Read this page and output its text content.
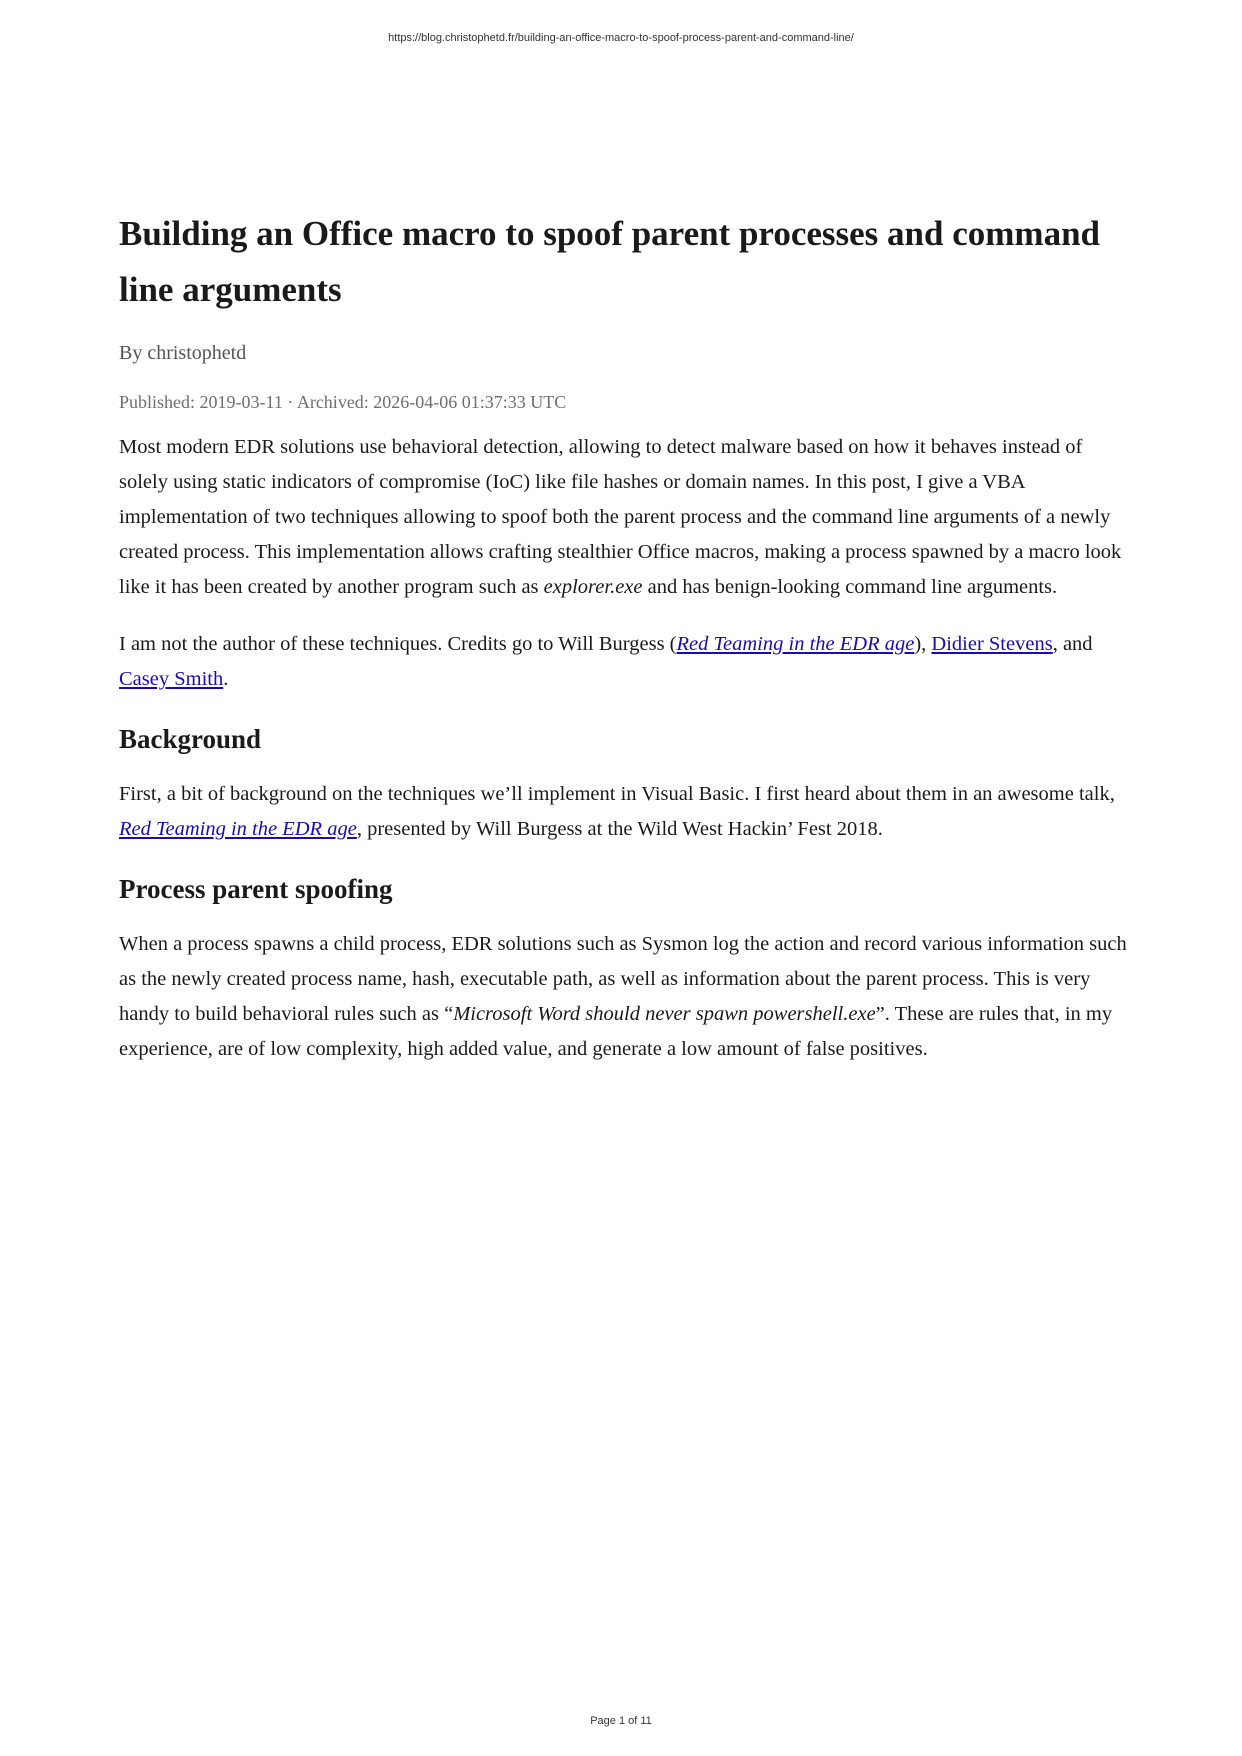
https://blog.christophetd.fr/building-an-office-macro-to-spoof-process-parent-and-command-line/
Building an Office macro to spoof parent processes and command line arguments
By christophetd
Published: 2019-03-11 · Archived: 2026-04-06 01:37:33 UTC

Most modern EDR solutions use behavioral detection, allowing to detect malware based on how it behaves instead of solely using static indicators of compromise (IoC) like file hashes or domain names. In this post, I give a VBA implementation of two techniques allowing to spoof both the parent process and the command line arguments of a newly created process. This implementation allows crafting stealthier Office macros, making a process spawned by a macro look like it has been created by another program such as explorer.exe and has benign-looking command line arguments.

I am not the author of these techniques. Credits go to Will Burgess (Red Teaming in the EDR age), Didier Stevens, and Casey Smith.

Background

First, a bit of background on the techniques we’ll implement in Visual Basic. I first heard about them in an awesome talk, Red Teaming in the EDR age, presented by Will Burgess at the Wild West Hackin’ Fest 2018.

Process parent spoofing

When a process spawns a child process, EDR solutions such as Sysmon log the action and record various information such as the newly created process name, hash, executable path, as well as information about the parent process. This is very handy to build behavioral rules such as “Microsoft Word should never spawn powershell.exe”. These are rules that, in my experience, are of low complexity, high added value, and generate a low amount of false positives.

Page 1 of 11
